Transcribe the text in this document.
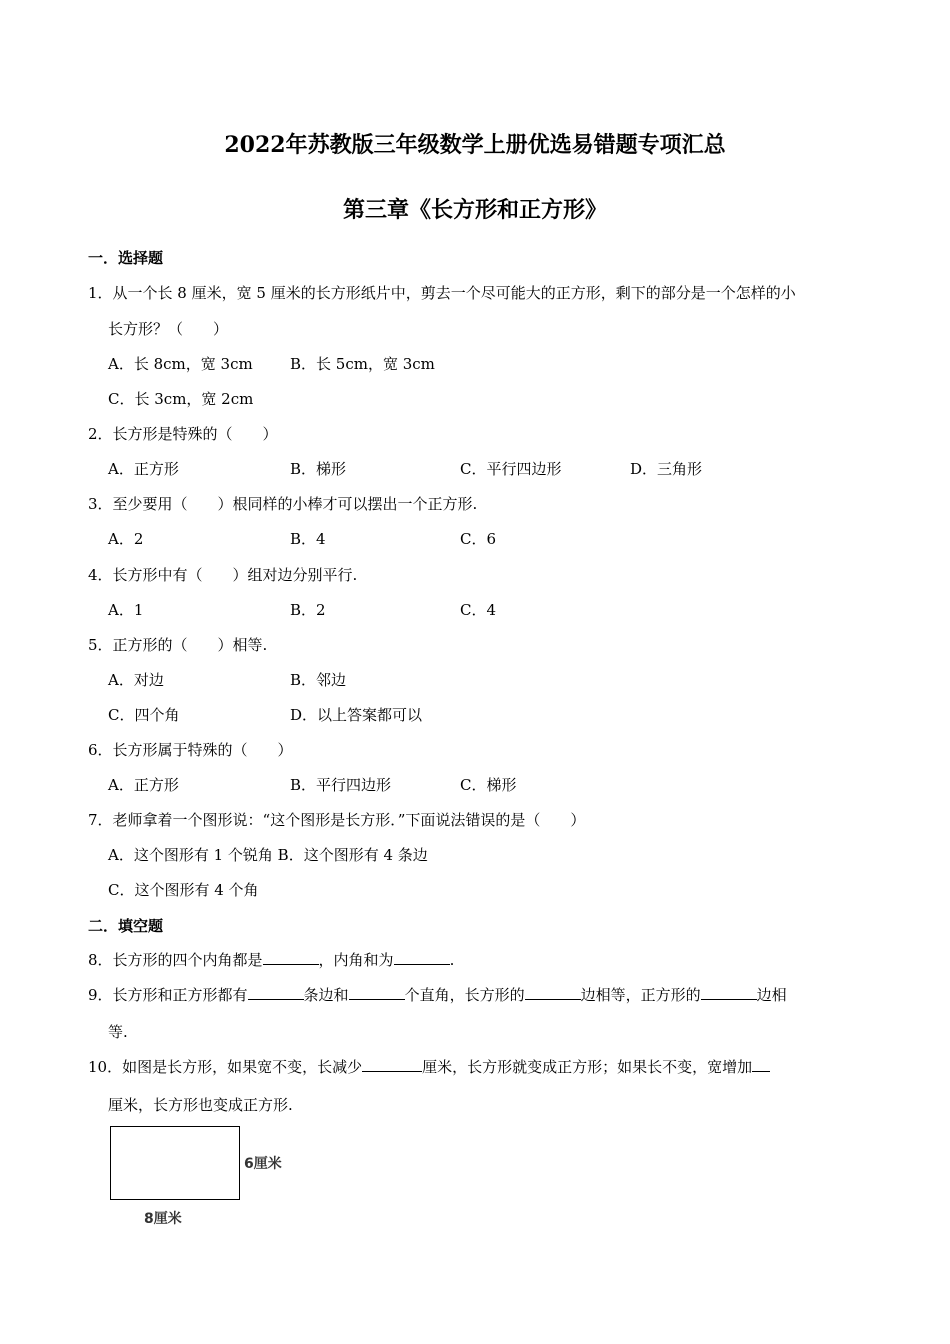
2022年苏教版三年级数学上册优选易错题专项汇总
第三章《长方形和正方形》
一．选择题
1．从一个长 8 厘米，宽 5 厘米的长方形纸片中，剪去一个尽可能大的正方形，剩下的部分是一个怎样的小
长方形？（　　）
A．长 8cm，宽 3cm B．长 5cm，宽 3cm
C．长 3cm，宽 2cm
2．长方形是特殊的（　　）
A．正方形	B．梯形	C．平行四边形	D．三角形
3．至少要用（　　）根同样的小棒才可以摆出一个正方形.
A．2	B．4	C．6
4．长方形中有（　　）组对边分别平行.
A．1	B．2	C．4
5．正方形的（　　）相等.
A．对边	B．邻边
C．四个角	D．以上答案都可以
6．长方形属于特殊的（　　）
A．正方形	B．平行四边形	C．梯形
7．老师拿着一个图形说：“这个图形是长方形．”下面说法错误的是（　　）
A．这个图形有 1 个锐角 B．这个图形有 4 条边
C．这个图形有 4 个角
二．填空题
8．长方形的四个内角都是	，内角和为	.
9．长方形和正方形都有	条边和	个直角，长方形的	边相等，正方形的	边相
等.
10．如图是长方形，如果宽不变，长减少	厘米，长方形就变成正方形；如果长不变，宽增加
厘米，长方形也变成正方形.
6厘米
8厘米
